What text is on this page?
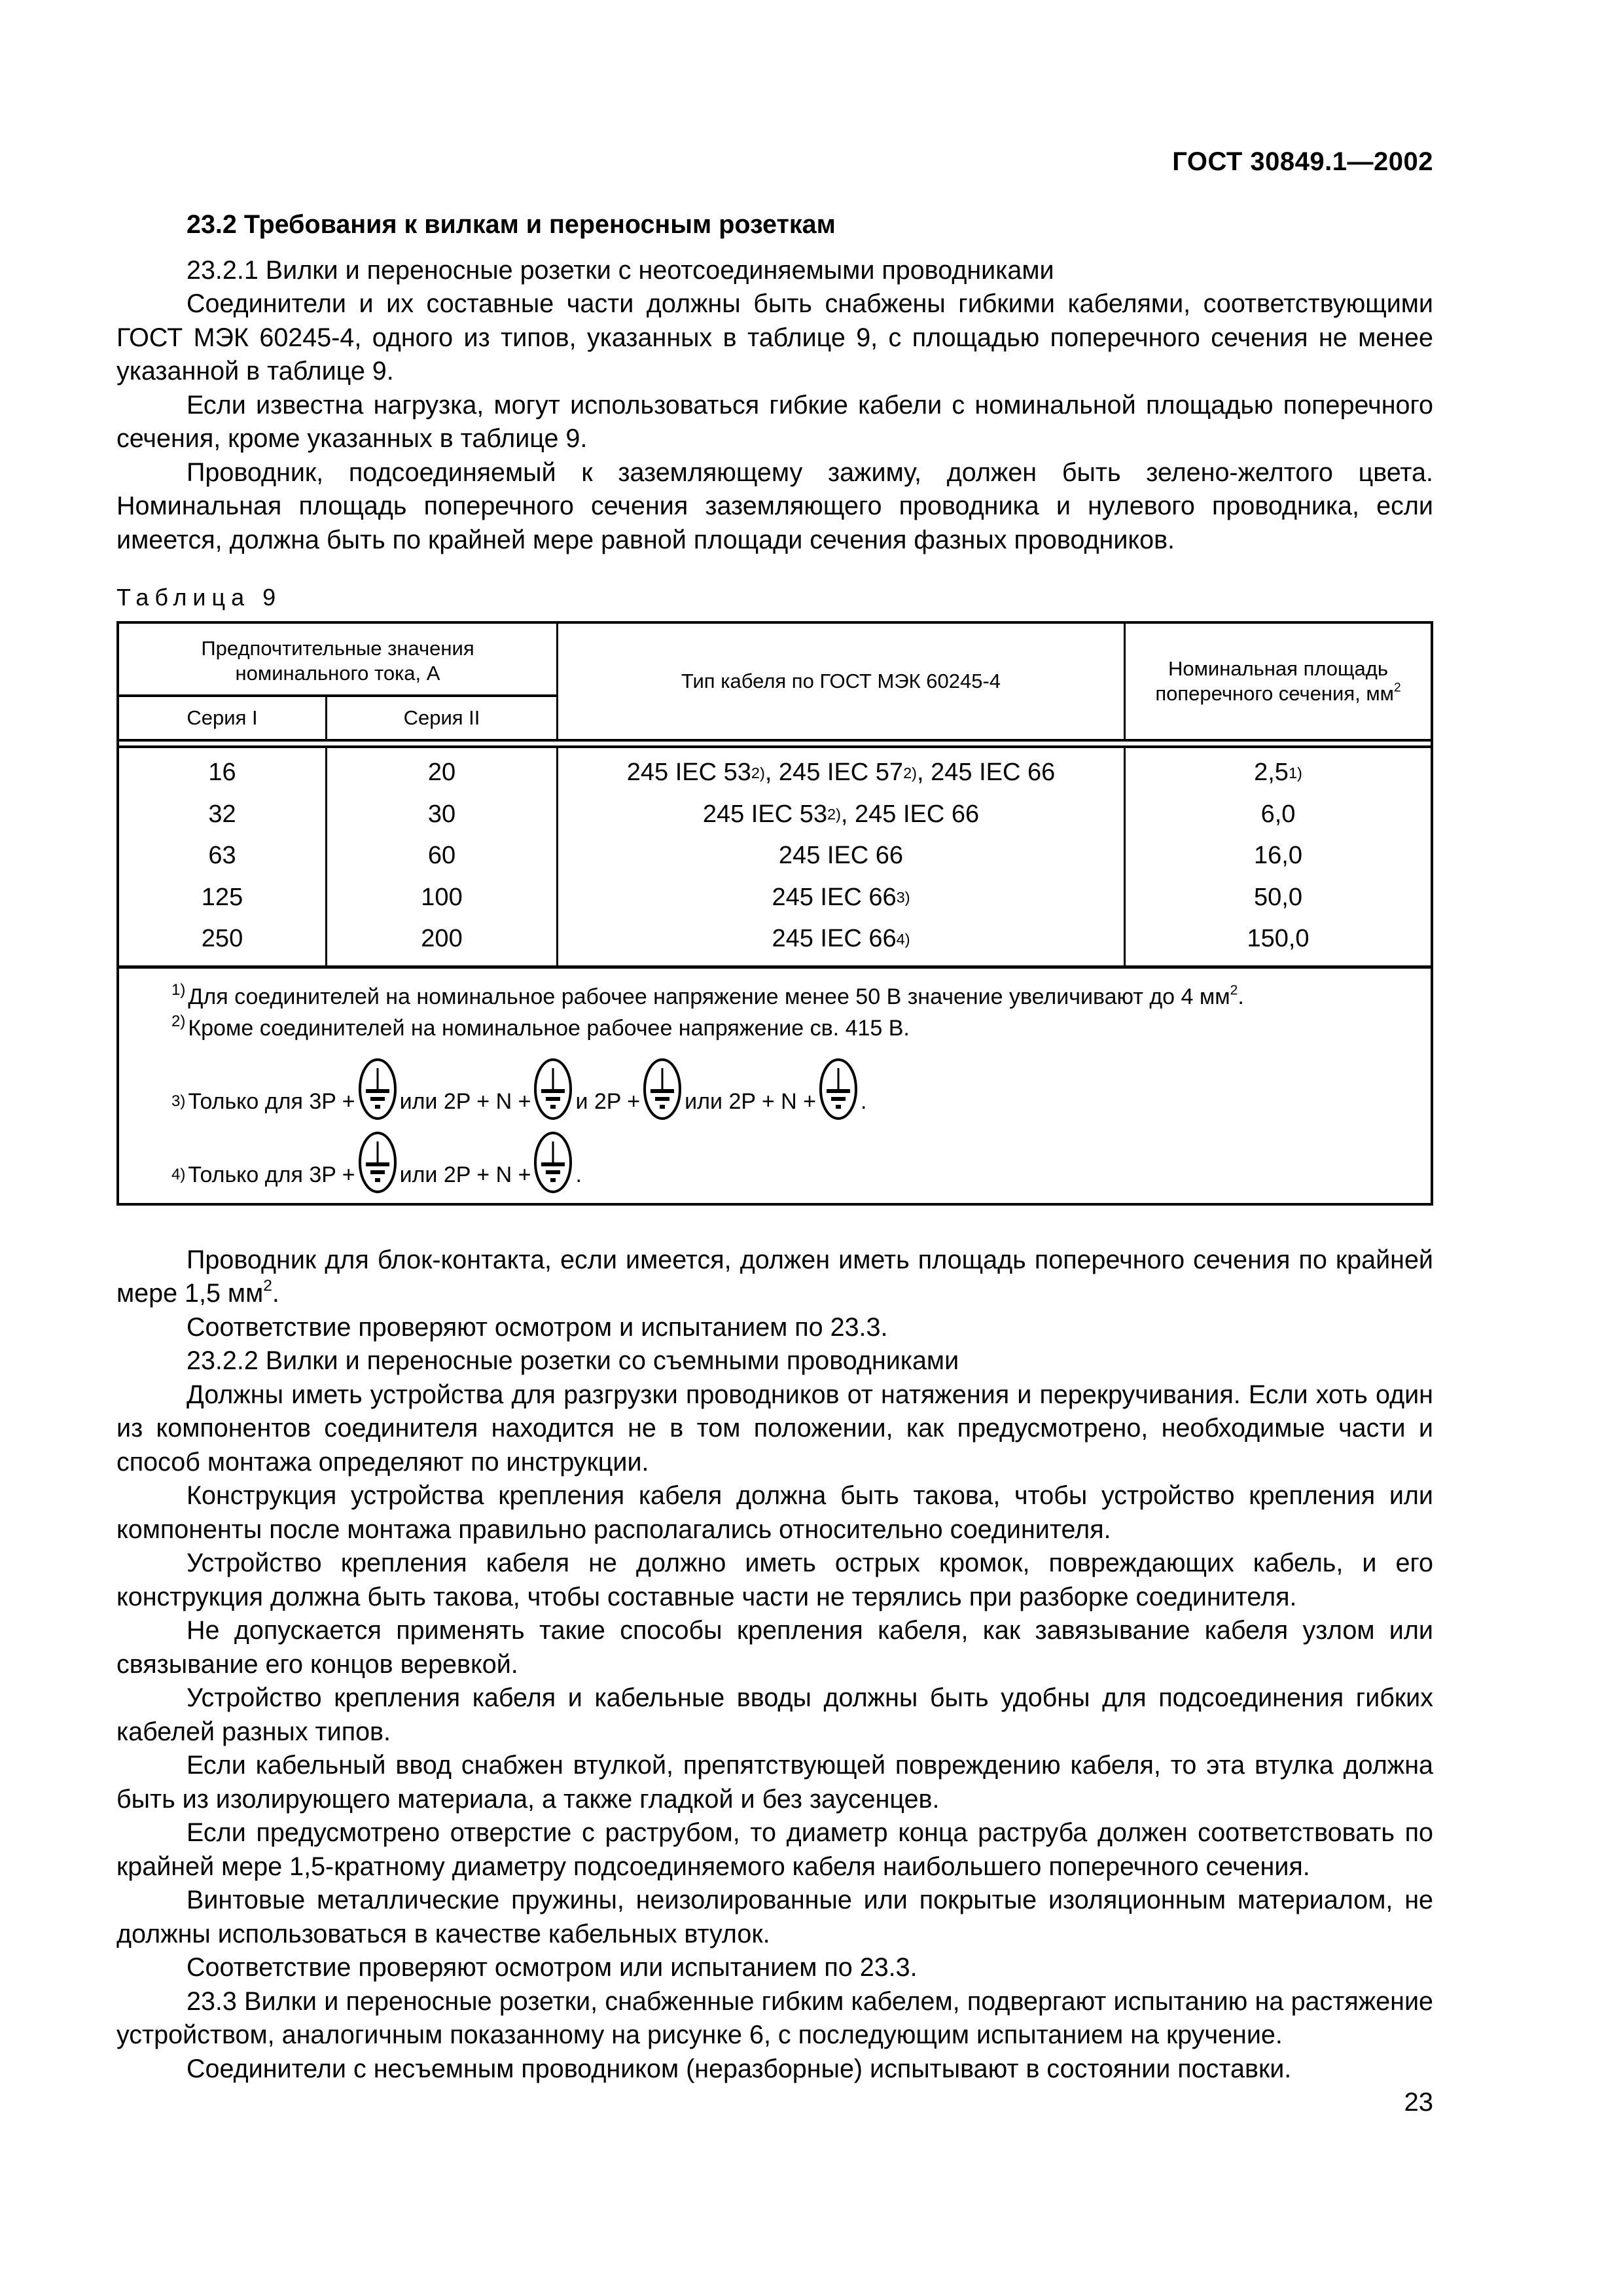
ГОСТ 30849.1—2002

23.2 Требования к вилкам и переносным розеткам

23.2.1 Вилки и переносные розетки с неотсоединяемыми проводниками

Соединители и их составные части должны быть снабжены гибкими кабелями, соответствующими ГОСТ МЭК 60245-4, одного из типов, указанных в таблице 9, с площадью поперечного сечения не менее указанной в таблице 9.

Если известна нагрузка, могут использоваться гибкие кабели с номинальной площадью поперечного сечения, кроме указанных в таблице 9.

Проводник, подсоединяемый к заземляющему зажиму, должен быть зелено-желтого цвета. Номинальная площадь поперечного сечения заземляющего проводника и нулевого проводника, если имеется, должна быть по крайней мере равной площади сечения фазных проводников.

Таблица 9
Предпочтительные значения номинального тока, А
Серия I	Серия II
Тип кабеля по ГОСТ МЭК 60245-4
Номинальная площадь поперечного сечения, $мм^2$
16
32
63
125
250
20
30
60
100
200
245 IEC 53 2) , 245 IEC 57 2) , 245 IEC 66
245 IEC 53 2) , 245 IEC 66
245 IEC 66
245 IEC 66 3)
245 IEC 66 4)
2,5 1)
6,0
16,0
50,0
150,0
$^{1)}$ Для соединителей на номинальное рабочее напряжение менее 50 В значение увеличивают до 4 $мм^2$.
$^{2)}$ Кроме соединителей на номинальное рабочее напряжение св. 415 В.
3) Только для 3P + или 2P + N + и 2P + или 2P + N + .
4) Только для 3P + или 2P + N + .

Проводник для блок-контакта, если имеется, должен иметь площадь поперечного сечения по крайней мере 1,5 $мм^2$.

Соответствие проверяют осмотром и испытанием по 23.3.

23.2.2 Вилки и переносные розетки со съемными проводниками

Должны иметь устройства для разгрузки проводников от натяжения и перекручивания. Если хоть один из компонентов соединителя находится не в том положении, как предусмотрено, необходимые части и способ монтажа определяют по инструкции.

Конструкция устройства крепления кабеля должна быть такова, чтобы устройство крепления или компоненты после монтажа правильно располагались относительно соединителя.

Устройство крепления кабеля не должно иметь острых кромок, повреждающих кабель, и его конструкция должна быть такова, чтобы составные части не терялись при разборке соединителя.

Не допускается применять такие способы крепления кабеля, как завязывание кабеля узлом или связывание его концов веревкой.

Устройство крепления кабеля и кабельные вводы должны быть удобны для подсоединения гибких кабелей разных типов.

Если кабельный ввод снабжен втулкой, препятствующей повреждению кабеля, то эта втулка должна быть из изолирующего материала, а также гладкой и без заусенцев.

Если предусмотрено отверстие с раструбом, то диаметр конца раструба должен соответствовать по крайней мере 1,5-кратному диаметру подсоединяемого кабеля наибольшего поперечного сечения.

Винтовые металлические пружины, неизолированные или покрытые изоляционным материалом, не должны использоваться в качестве кабельных втулок.

Соответствие проверяют осмотром или испытанием по 23.3.

23.3 Вилки и переносные розетки, снабженные гибким кабелем, подвергают испытанию на растяжение устройством, аналогичным показанному на рисунке 6, с последующим испытанием на кручение.

Соединители с несъемным проводником (неразборные) испытывают в состоянии поставки.

23
